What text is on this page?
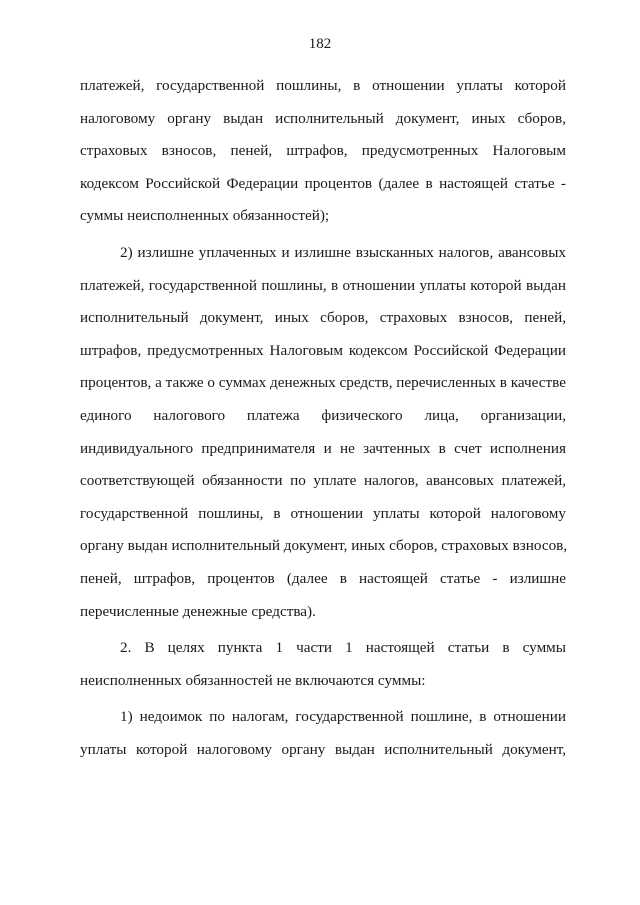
182
платежей, государственной пошлины, в отношении уплаты которой
налоговому органу выдан исполнительный документ, иных сборов,
страховых взносов, пеней, штрафов, предусмотренных Налоговым
кодексом Российской Федерации процентов (далее в настоящей статье -
суммы неисполненных обязанностей);
2) излишне уплаченных и излишне взысканных налогов, авансовых
платежей, государственной пошлины, в отношении уплаты которой выдан
исполнительный документ, иных сборов, страховых взносов, пеней,
штрафов, предусмотренных Налоговым кодексом Российской Федерации
процентов, а также о суммах денежных средств, перечисленных в качестве
единого налогового платежа физического лица, организации,
индивидуального предпринимателя и не зачтенных в счет исполнения
соответствующей обязанности по уплате налогов, авансовых платежей,
государственной пошлины, в отношении уплаты которой налоговому
органу выдан исполнительный документ, иных сборов, страховых взносов,
пеней, штрафов, процентов (далее в настоящей статье - излишне
перечисленные денежные средства).
2. В целях пункта 1 части 1 настоящей статьи в суммы
неисполненных обязанностей не включаются суммы:
1) недоимок по налогам, государственной пошлине, в отношении
уплаты которой налоговому органу выдан исполнительный документ,
